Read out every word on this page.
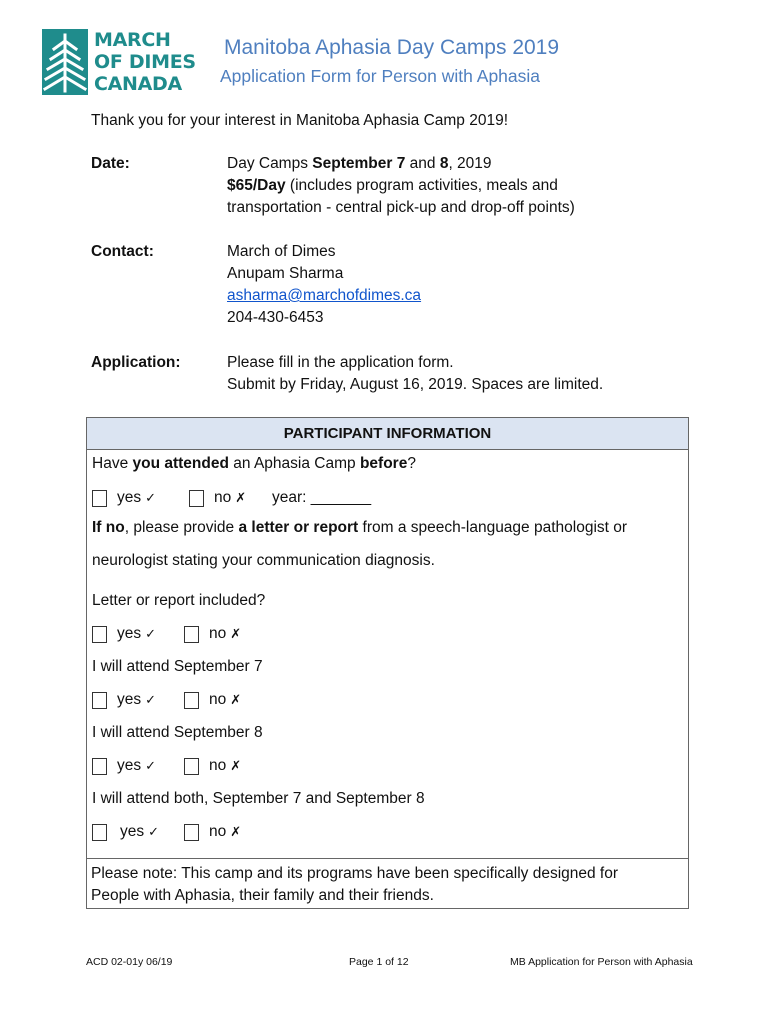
MARCH
OF DIMES
CANADA
Manitoba Aphasia Day Camps 2019
Application Form for Person with Aphasia
Thank you for your interest in Manitoba Aphasia Camp 2019!
Date:	Day Camps September 7 and 8, 2019
$65/Day (includes program activities, meals and
transportation - central pick-up and drop-off points)
Contact:	March of Dimes
Anupam Sharma
asharma@marchofdimes.ca
204-430-6453
Application:	Please fill in the application form.
Submit by Friday, August 16, 2019. Spaces are limited.
PARTICIPANT INFORMATION
Have you attended an Aphasia Camp before?
yes ✓	no ✗ year: _______
If no, please provide a letter or report from a speech-language pathologist or
neurologist stating your communication diagnosis.
Letter or report included?
yes ✓	no ✗
I will attend September 7
yes ✓	no ✗
I will attend September 8
yes ✓	no ✗
I will attend both, September 7 and September 8
yes ✓	no ✗
Please note: This camp and its programs have been specifically designed for
People with Aphasia, their family and their friends.
ACD 02-01y 06/19	Page 1 of 12	MB Application for Person with Aphasia
